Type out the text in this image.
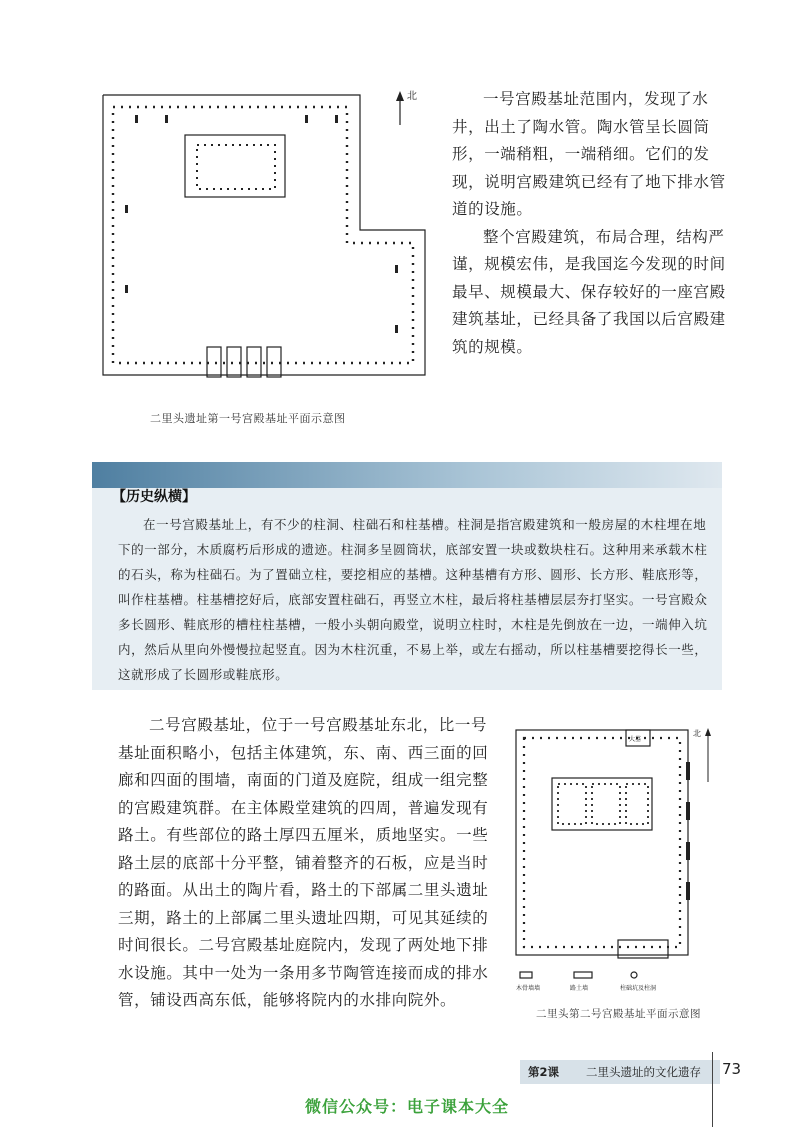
北
二里头遗址第一号宫殿基址平面示意图

一号宫殿基址范围内，发现了水井，出土了陶水管。陶水管呈长圆筒形，一端稍粗，一端稍细。它们的发现，说明宫殿建筑已经有了地下排水管道的设施。

整个宫殿建筑，布局合理，结构严谨，规模宏伟，是我国迄今发现的时间最早、规模最大、保存较好的一座宫殿建筑基址，已经具备了我国以后宫殿建筑的规模。

【历史纵横】

在一号宫殿基址上，有不少的柱洞、柱础石和柱基槽。柱洞是指宫殿建筑和一般房屋的木柱埋在地下的一部分，木质腐朽后形成的遗迹。柱洞多呈圆筒状，底部安置一块或数块柱石。这种用来承载木柱的石头，称为柱础石。为了置础立柱，要挖相应的基槽。这种基槽有方形、圆形、长方形、鞋底形等，叫作柱基槽。柱基槽挖好后，底部安置柱础石，再竖立木柱，最后将柱基槽层层夯打坚实。一号宫殿众多长圆形、鞋底形的槽柱柱基槽，一般小头朝向殿堂，说明立柱时，木柱是先倒放在一边，一端伸入坑内，然后从里向外慢慢拉起竖直。因为木柱沉重，不易上举，或左右摇动，所以柱基槽要挖得长一些，这就形成了长圆形或鞋底形。

二号宫殿基址，位于一号宫殿基址东北，比一号基址面积略小，包括主体建筑，东、南、西三面的回廊和四面的围墙，南面的门道及庭院，组成一组完整的宫殿建筑群。在主体殿堂建筑的四周，普遍发现有路土。有些部位的路土厚四五厘米，质地坚实。一些路土层的底部十分平整，铺着整齐的石板，应是当时的路面。从出土的陶片看，路土的下部属二里头遗址三期，路土的上部属二里头遗址四期，可见其延续的时间很长。二号宫殿基址庭院内，发现了两处地下排水设施。其中一处为一条用多节陶管连接而成的排水管，铺设西高东低，能够将院内的水排向院外。

北
大墓
木骨墙墙	路土墙	柱础坑及柱洞
二里头第二号宫殿基址平面示意图
第2课 二里头遗址的文化遗存 73
微信公众号：电子课本大全
